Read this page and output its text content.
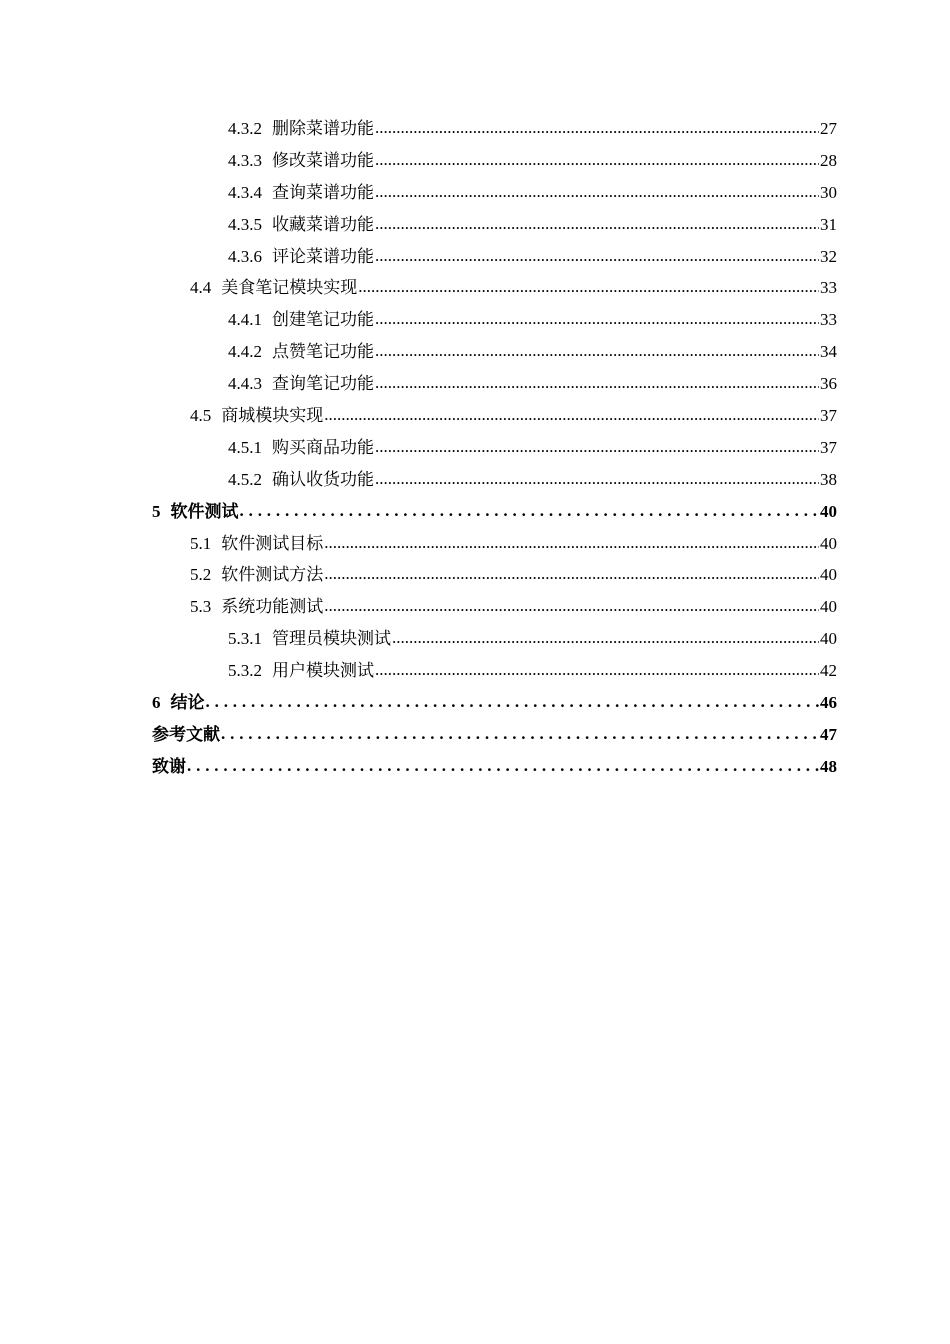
4.3.2 删除菜谱功能 .....	27
4.3.3 修改菜谱功能 .....	28
4.3.4 查询菜谱功能 .....	30
4.3.5 收藏菜谱功能 .....	31
4.3.6 评论菜谱功能 .....	32
4.4 美食笔记模块实现 .....	33
4.4.1 创建笔记功能 .....	33
4.4.2 点赞笔记功能 .....	34
4.4.3 查询笔记功能 .....	36
4.5 商城模块实现 .....	37
4.5.1 购买商品功能 .....	37
4.5.2 确认收货功能 .....	38
5 软件测试 . . .	40
5.1 软件测试目标 .....	40
5.2 软件测试方法 .....	40
5.3 系统功能测试 .....	40
5.3.1 管理员模块测试 .....	40
5.3.2 用户模块测试 .....	42
6 结论 . . .	46
参考文献 . . .	47
致谢 . . .	48
